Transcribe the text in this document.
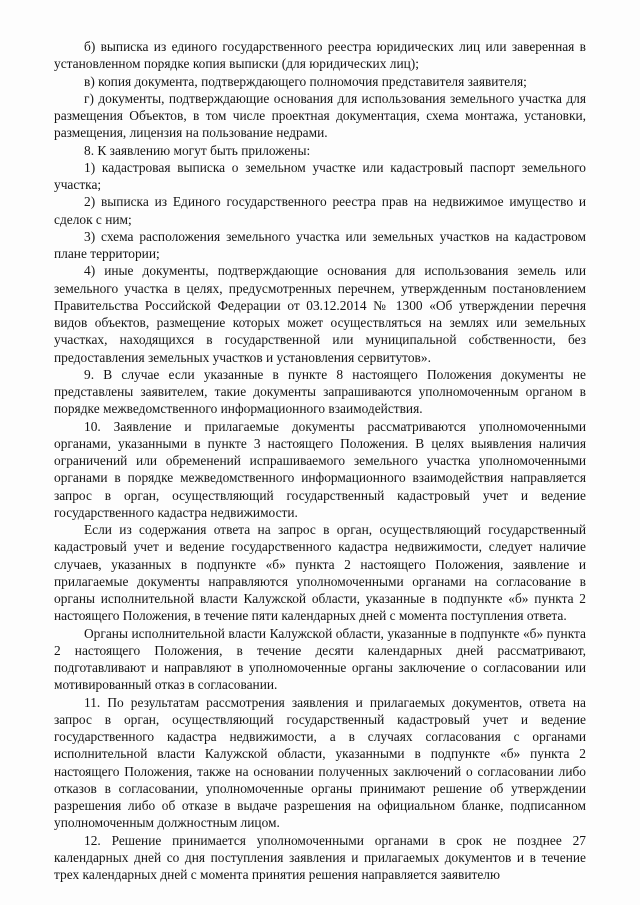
б) выписка из единого государственного реестра юридических лиц или заверенная в установленном порядке копия выписки (для юридических лиц);

в) копия документа, подтверждающего полномочия представителя заявителя;

г) документы, подтверждающие основания для использования земельного участка для размещения Объектов, в том числе проектная документация, схема монтажа, установки, размещения, лицензия на пользование недрами.

8. К заявлению могут быть приложены:

1) кадастровая выписка о земельном участке или кадастровый паспорт земельного участка;

2) выписка из Единого государственного реестра прав на недвижимое имущество и сделок с ним;

3) схема расположения земельного участка или земельных участков на кадастровом плане территории;

4) иные документы, подтверждающие основания для использования земель или земельного участка в целях, предусмотренных перечнем, утвержденным постановлением Правительства Российской Федерации от 03.12.2014 № 1300 «Об утверждении перечня видов объектов, размещение которых может осуществляться на землях или земельных участках, находящихся в государственной или муниципальной собственности, без предоставления земельных участков и установления сервитутов».

9. В случае если указанные в пункте 8 настоящего Положения документы не представлены заявителем, такие документы запрашиваются уполномоченным органом в порядке межведомственного информационного взаимодействия.

10. Заявление и прилагаемые документы рассматриваются уполномоченными органами, указанными в пункте 3 настоящего Положения. В целях выявления наличия ограничений или обременений испрашиваемого земельного участка уполномоченными органами в порядке межведомственного информационного взаимодействия направляется запрос в орган, осуществляющий государственный кадастровый учет и ведение государственного кадастра недвижимости.

Если из содержания ответа на запрос в орган, осуществляющий государственный кадастровый учет и ведение государственного кадастра недвижимости, следует наличие случаев, указанных в подпункте «б» пункта 2 настоящего Положения, заявление и прилагаемые документы направляются уполномоченными органами на согласование в органы исполнительной власти Калужской области, указанные в подпункте «б» пункта 2 настоящего Положения, в течение пяти календарных дней с момента поступления ответа.

Органы исполнительной власти Калужской области, указанные в подпункте «б» пункта 2 настоящего Положения, в течение десяти календарных дней рассматривают, подготавливают и направляют в уполномоченные органы заключение о согласовании или мотивированный отказ в согласовании.

11. По результатам рассмотрения заявления и прилагаемых документов, ответа на запрос в орган, осуществляющий государственный кадастровый учет и ведение государственного кадастра недвижимости, а в случаях согласования с органами исполнительной власти Калужской области, указанными в подпункте «б» пункта 2 настоящего Положения, также на основании полученных заключений о согласовании либо отказов в согласовании, уполномоченные органы принимают решение об утверждении разрешения либо об отказе в выдаче разрешения на официальном бланке, подписанном уполномоченным должностным лицом.

12. Решение принимается уполномоченными органами в срок не позднее 27 календарных дней со дня поступления заявления и прилагаемых документов и в течение трех календарных дней с момента принятия решения направляется заявителю
